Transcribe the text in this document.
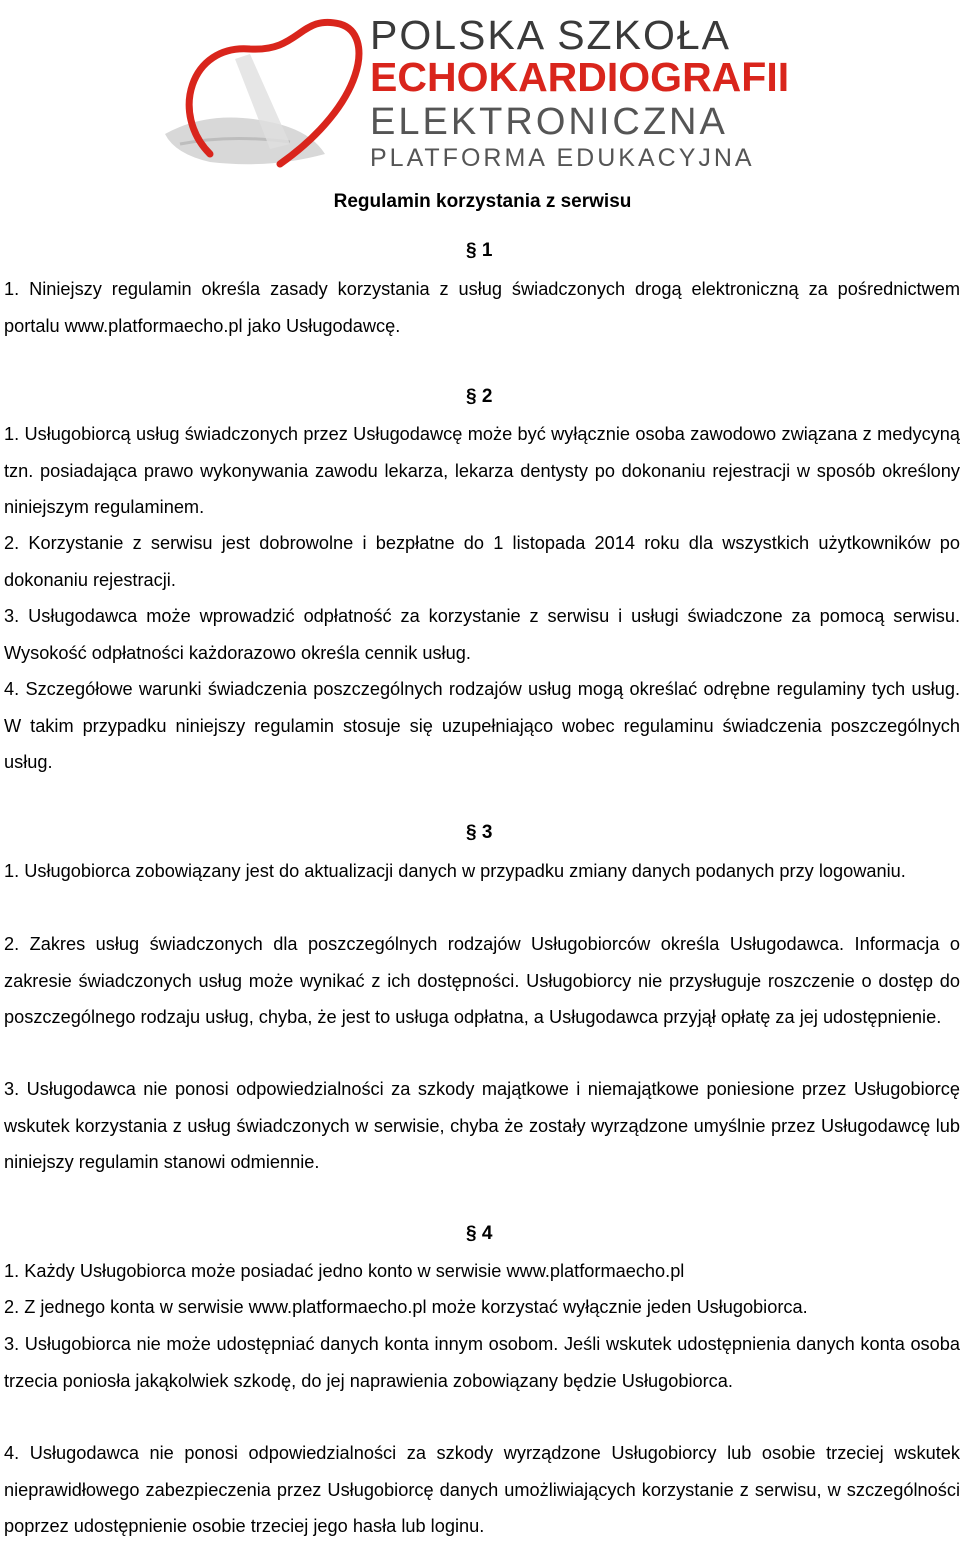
POLSKA SZKOŁA
ECHOKARDIOGRAFII
ELEKTRONICZNA
PLATFORMA EDUKACYJNA
Regulamin korzystania z serwisu
§ 1

1. Niniejszy regulamin określa zasady korzystania z usług świadczonych drogą elektroniczną za pośrednictwem portalu www.platformaecho.pl jako Usługodawcę.

§ 2

1. Usługobiorcą usług świadczonych przez Usługodawcę może być wyłącznie osoba zawodowo związana z medycyną tzn. posiadająca prawo wykonywania zawodu lekarza, lekarza dentysty po dokonaniu rejestracji w sposób określony niniejszym regulaminem.

2. Korzystanie z serwisu jest dobrowolne i bezpłatne do 1 listopada 2014 roku dla wszystkich użytkowników po dokonaniu rejestracji.

3. Usługodawca może wprowadzić odpłatność za korzystanie z serwisu i usługi świadczone za pomocą serwisu. Wysokość odpłatności każdorazowo określa cennik usług.

4. Szczegółowe warunki świadczenia poszczególnych rodzajów usług mogą określać odrębne regulaminy tych usług. W takim przypadku niniejszy regulamin stosuje się uzupełniająco wobec regulaminu świadczenia poszczególnych usług.

§ 3

1. Usługobiorca zobowiązany jest do aktualizacji danych w przypadku zmiany danych podanych przy logowaniu.

2. Zakres usług świadczonych dla poszczególnych rodzajów Usługobiorców określa Usługodawca. Informacja o zakresie świadczonych usług może wynikać z ich dostępności. Usługobiorcy nie przysługuje roszczenie o dostęp do poszczególnego rodzaju usług, chyba, że jest to usługa odpłatna, a Usługodawca przyjął opłatę za jej udostępnienie.

3. Usługodawca nie ponosi odpowiedzialności za szkody majątkowe i niemajątkowe poniesione przez Usługobiorcę wskutek korzystania z usług świadczonych w serwisie, chyba że zostały wyrządzone umyślnie przez Usługodawcę lub niniejszy regulamin stanowi odmiennie.

§ 4

1. Każdy Usługobiorca może posiadać jedno konto w serwisie www.platformaecho.pl

2. Z jednego konta w serwisie www.platformaecho.pl może korzystać wyłącznie jeden Usługobiorca.

3. Usługobiorca nie może udostępniać danych konta innym osobom. Jeśli wskutek udostępnienia danych konta osoba trzecia poniosła jakąkolwiek szkodę, do jej naprawienia zobowiązany będzie Usługobiorca.

4. Usługodawca nie ponosi odpowiedzialności za szkody wyrządzone Usługobiorcy lub osobie trzeciej wskutek nieprawidłowego zabezpieczenia przez Usługobiorcę danych umożliwiających korzystanie z serwisu, w szczególności poprzez udostępnienie osobie trzeciej jego hasła lub loginu.
